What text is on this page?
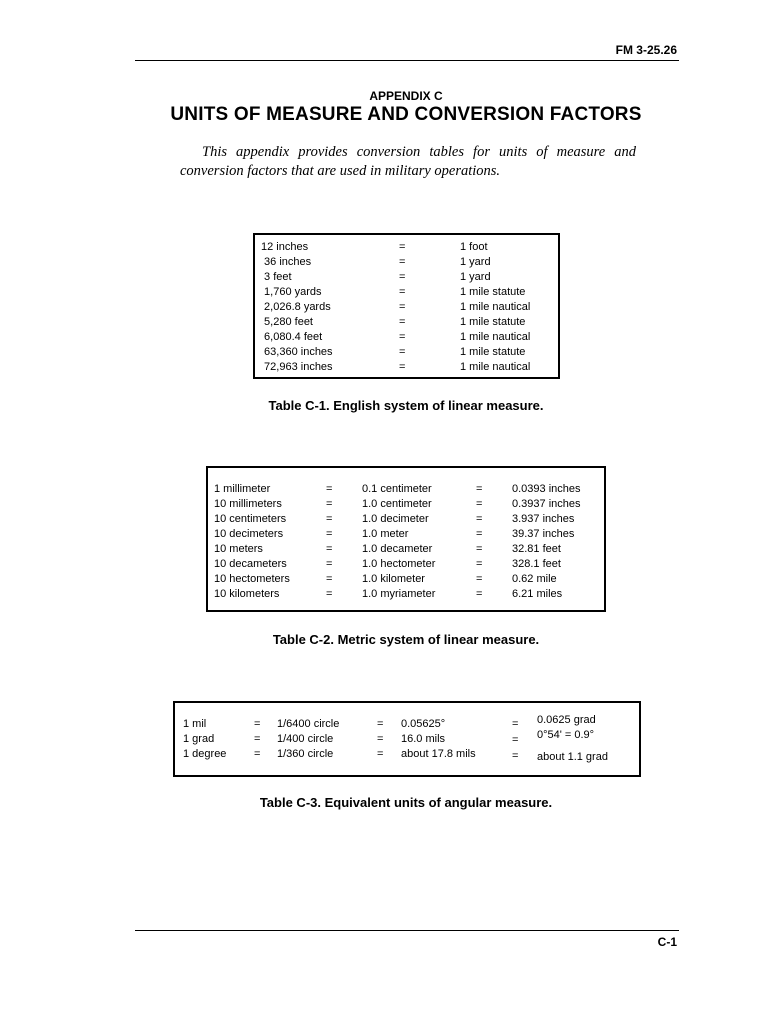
FM 3-25.26
APPENDIX C
UNITS OF MEASURE AND CONVERSION FACTORS
This appendix provides conversion tables for units of measure and conversion factors that are used in military operations.
12 inches	=	1 foot
36 inches	=	1 yard
3 feet	=	1 yard
1,760 yards	=	1 mile statute
2,026.8 yards	=	1 mile nautical
5,280 feet	=	1 mile statute
6,080.4 feet	=	1 mile nautical
63,360 inches	=	1 mile statute
72,963 inches	=	1 mile nautical
Table C-1. English system of linear measure.
1 millimeter	=	0.1 centimeter	=	0.0393 inches
10 millimeters	=	1.0 centimeter	=	0.3937 inches
10 centimeters	=	1.0 decimeter	=	3.937 inches
10 decimeters	=	1.0 meter	=	39.37 inches
10 meters	=	1.0 decameter	=	32.81 feet
10 decameters	=	1.0 hectometer	=	328.1 feet
10 hectometers	=	1.0 kilometer	=	0.62 mile
10 kilometers	=	1.0 myriameter	=	6.21 miles
Table C-2. Metric system of linear measure.
1 mil	= 1/6400 circle	= 0.05625°	= 0.0625 grad
1 grad	= 1/400 circle	= 16.0 mils	= 0°54' = 0.9°
1 degree	= 1/360 circle	= about 17.8 mils	= about 1.1 grad
Table C-3. Equivalent units of angular measure.
C-1
